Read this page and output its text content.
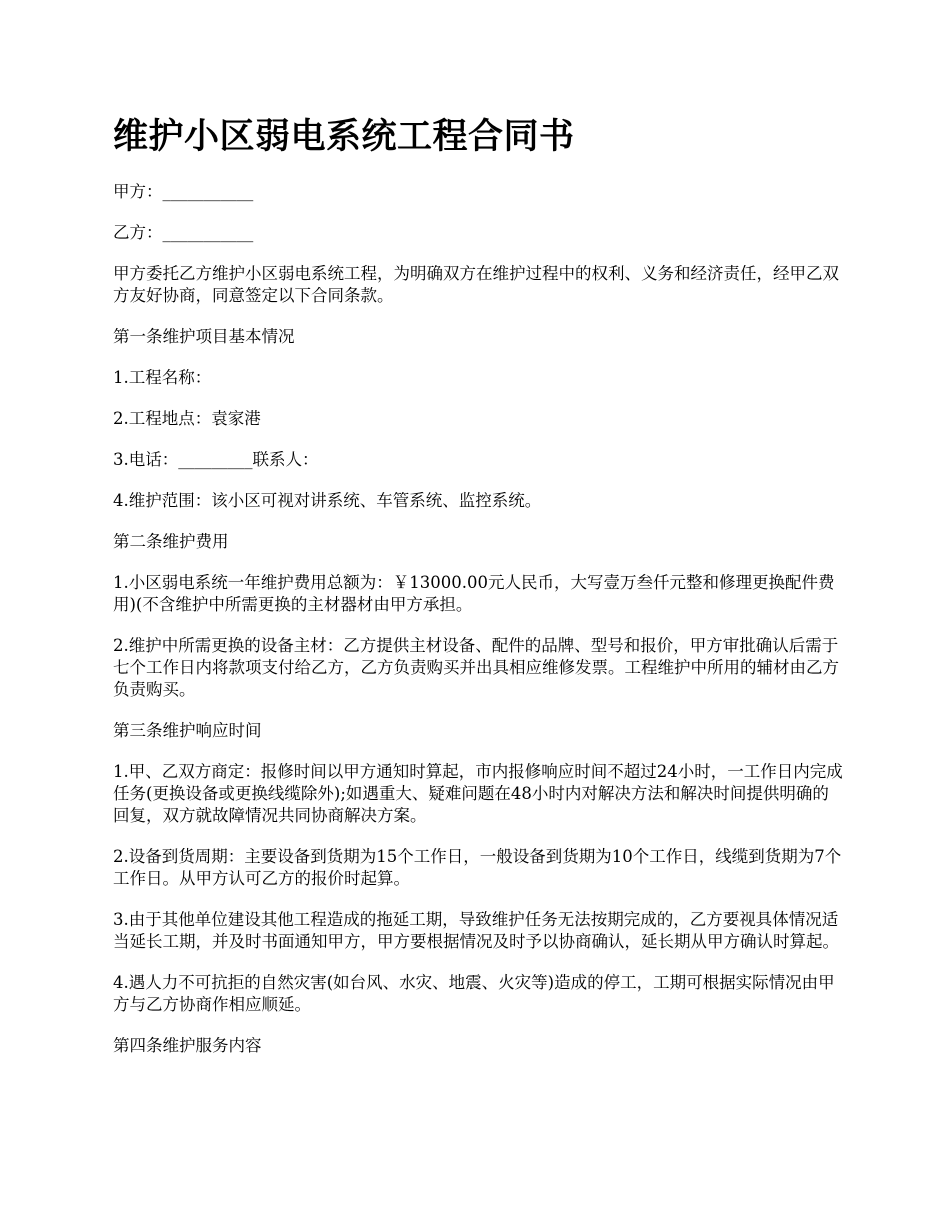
维护小区弱电系统工程合同书

甲方：___________

乙方：___________

甲方委托乙方维护小区弱电系统工程，为明确双方在维护过程中的权利、义务和经济责任，经甲乙双方友好协商，同意签定以下合同条款。

第一条维护项目基本情况

1.工程名称：

2.工程地点：袁家港

3.电话：_________联系人：

4.维护范围：该小区可视对讲系统、车管系统、监控系统。

第二条维护费用

1.小区弱电系统一年维护费用总额为：￥13000.00元人民币，大写壹万叁仟元整和修理更换配件费用)(不含维护中所需更换的主材器材由甲方承担。

2.维护中所需更换的设备主材：乙方提供主材设备、配件的品牌、型号和报价，甲方审批确认后需于七个工作日内将款项支付给乙方，乙方负责购买并出具相应维修发票。工程维护中所用的辅材由乙方负责购买。

第三条维护响应时间

1.甲、乙双方商定：报修时间以甲方通知时算起，市内报修响应时间不超过24小时，一工作日内完成任务(更换设备或更换线缆除外);如遇重大、疑难问题在48小时内对解决方法和解决时间提供明确的回复，双方就故障情况共同协商解决方案。

2.设备到货周期：主要设备到货期为15个工作日，一般设备到货期为10个工作日，线缆到货期为7个工作日。从甲方认可乙方的报价时起算。

3.由于其他单位建设其他工程造成的拖延工期，导致维护任务无法按期完成的，乙方要视具体情况适当延长工期，并及时书面通知甲方，甲方要根据情况及时予以协商确认，延长期从甲方确认时算起。

4.遇人力不可抗拒的自然灾害(如台风、水灾、地震、火灾等)造成的停工，工期可根据实际情况由甲方与乙方协商作相应顺延。

第四条维护服务内容
